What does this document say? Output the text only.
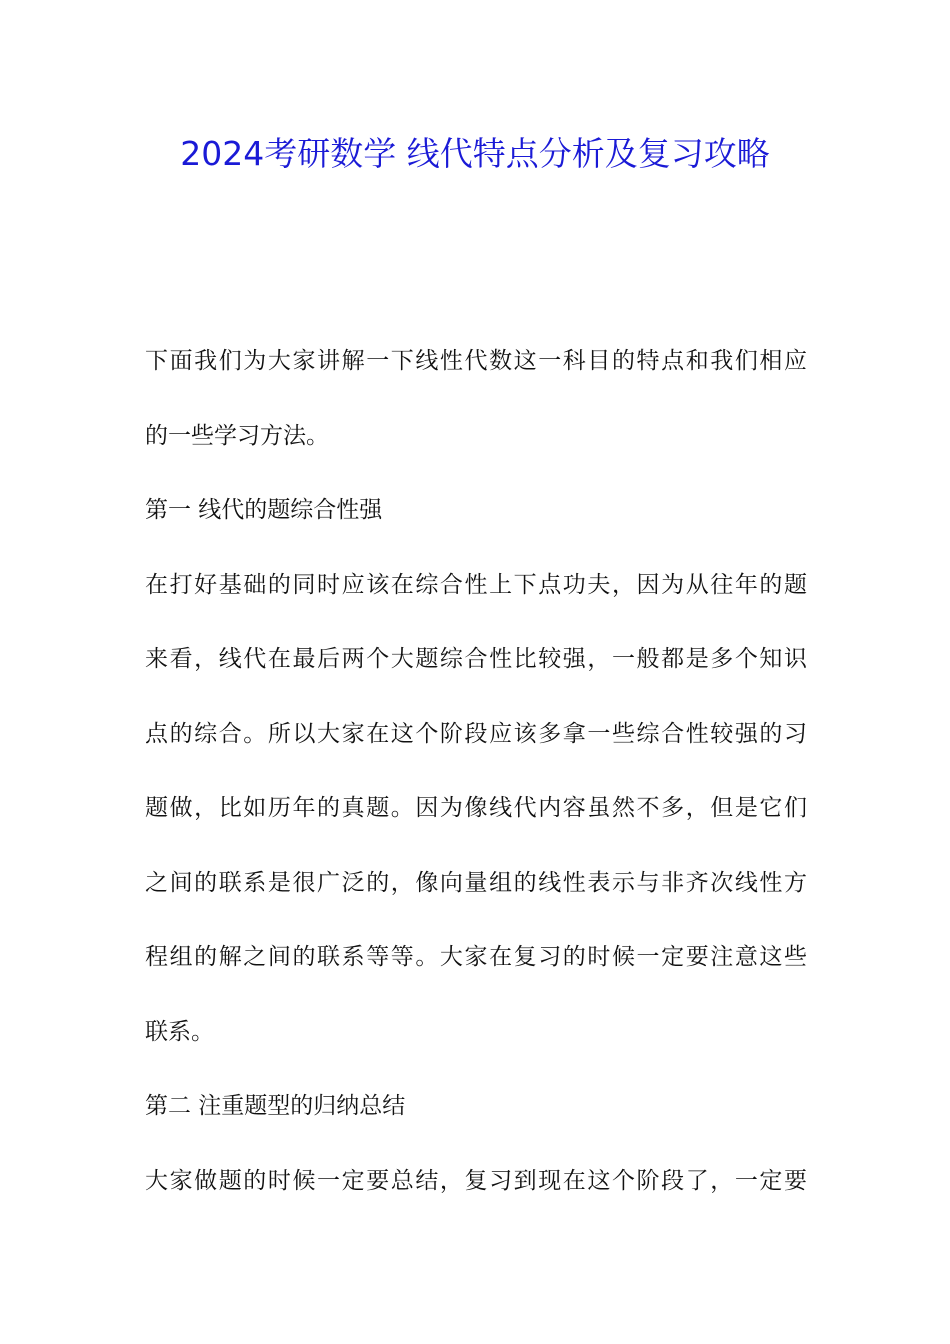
2024考研数学 线代特点分析及复习攻略
下面我们为大家讲解一下线性代数这一科目的特点和我们相应
的一些学习方法。
第一 线代的题综合性强
在打好基础的同时应该在综合性上下点功夫，因为从往年的题
来看，线代在最后两个大题综合性比较强，一般都是多个知识
点的综合。所以大家在这个阶段应该多拿一些综合性较强的习
题做，比如历年的真题。因为像线代内容虽然不多，但是它们
之间的联系是很广泛的，像向量组的线性表示与非齐次线性方
程组的解之间的联系等等。大家在复习的时候一定要注意这些
联系。
第二 注重题型的归纳总结
大家做题的时候一定要总结，复习到现在这个阶段了，一定要
